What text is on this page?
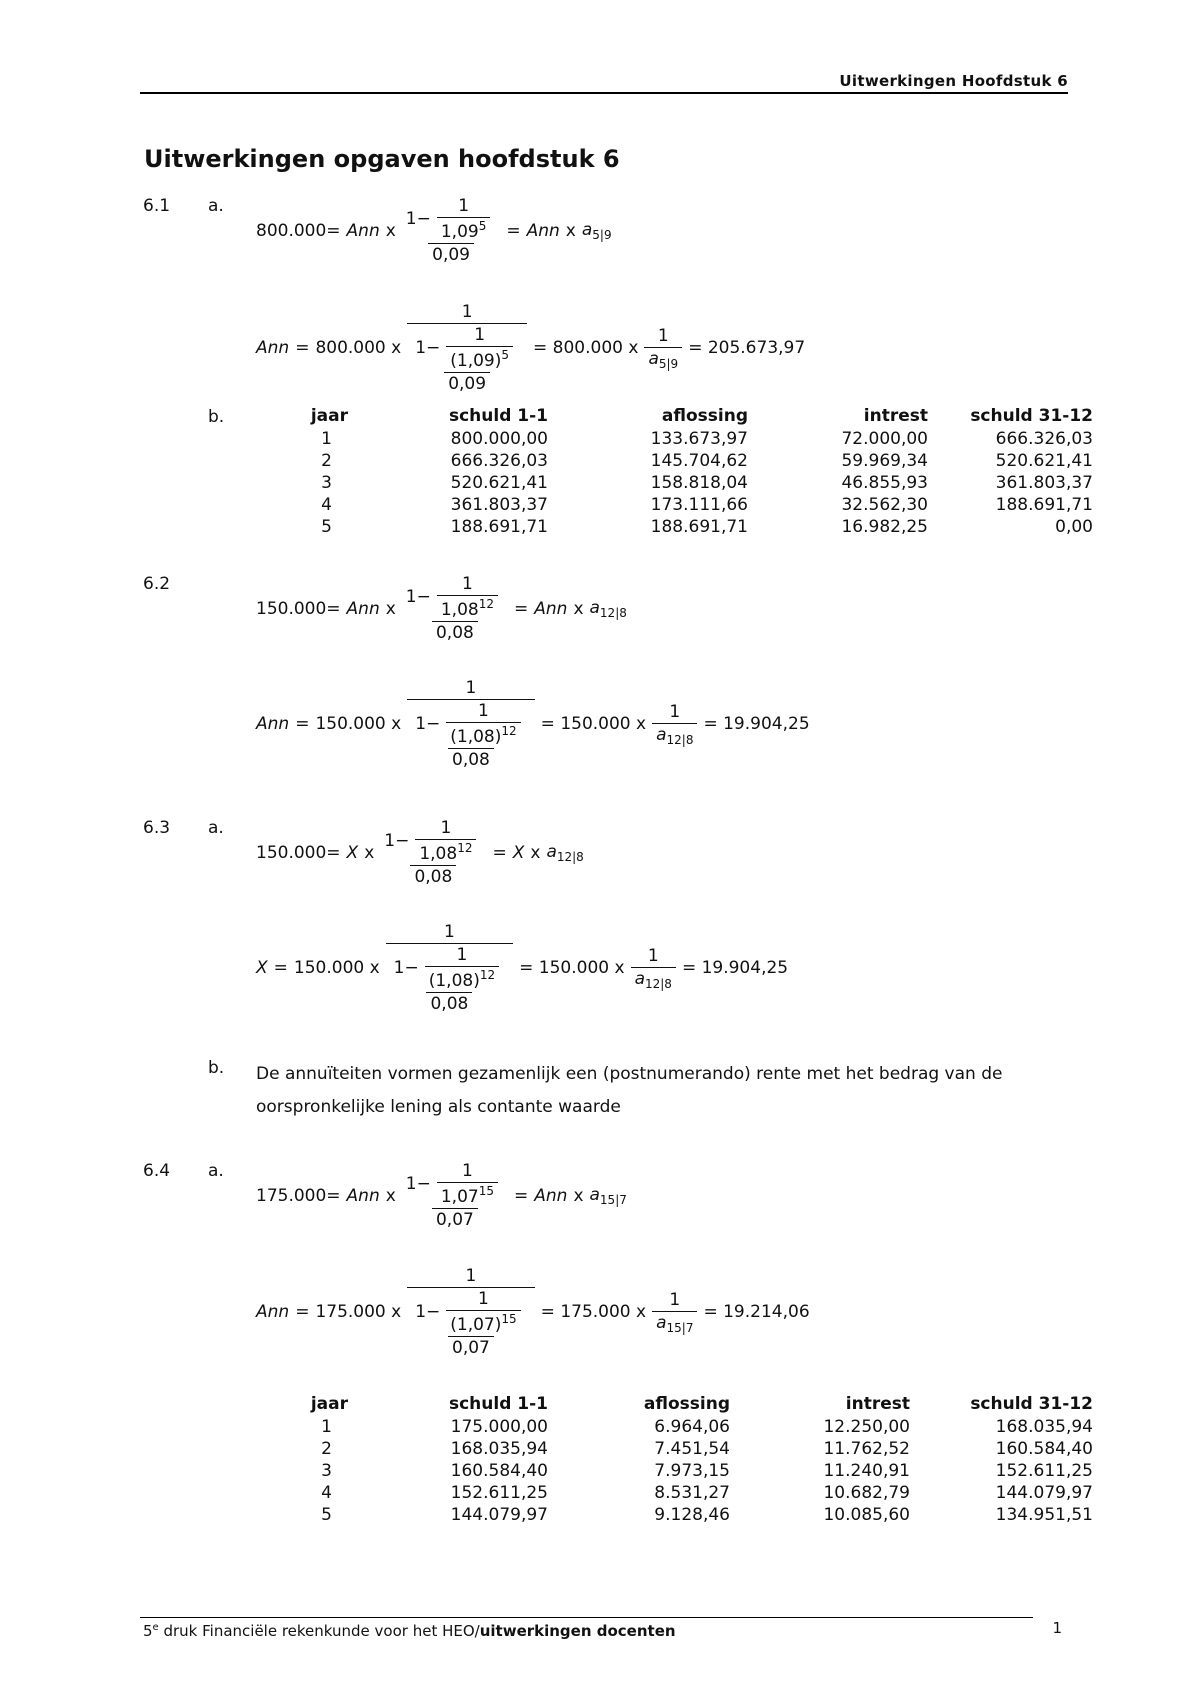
Uitwerkingen Hoofdstuk 6
Uitwerkingen opgaven hoofdstuk 6
6.1	a.
800.000= Ann x $\frac{1- \frac{1}{1,09^5}}{0,09}$ = Ann x $a_{5|9}$
Ann = 800.000 x
1
$\frac{1- \frac{1}{(1,09)^5}}{0,09} = 800.000$ x $\frac{1}{a_{5|9}} = 205.673,97$
b.	jaar	schuld 1-1	aflossing	intrest	schuld 31-12
1	800.000,00	133.673,97	72.000,00	666.326,03
2	666.326,03	145.704,62	59.969,34	520.621,41
3	520.621,41	158.818,04	46.855,93	361.803,37
4	361.803,37	173.111,66	32.562,30	188.691,71
5	188.691,71	188.691,71	16.982,25	0,00
6.2
150.000= Ann x $\frac{1- \frac{1}{1,08^{12}}}{0,08}$ = Ann x $a_{12|8}$
Ann = 150.000 x
1
$\frac{1- \frac{1}{(1,08)^{12}}}{0,08} = 150.000$ x $\frac{1}{a_{12|8}} = 19.904,25$
6.3	a.
150.000= X x $\frac{1- \frac{1}{1,08^{12}}}{0,08} = X$ x $a_{12|8}$
X = 150.000 x
1
$\frac{1- \frac{1}{(1,08)^{12}}}{0,08} = 150.000$ x $\frac{1}{a_{12|8}} = 19.904,25$
b.	De annuïteiten vormen gezamenlijk een (postnumerando) rente met het bedrag van de
oorspronkelijke lening als contante waarde
6.4	a.
175.000= Ann x $\frac{1- \frac{1}{1,07^{15}}}{0,07}$ = Ann x $a_{15|7}$
Ann = 175.000 x
1
$\frac{1- \frac{1}{(1,07)^{15}}}{0,07} = 175.000$ x $\frac{1}{a_{15|7}} = 19.214,06$
jaar	schuld 1-1	aflossing	intrest	schuld 31-12
1	175.000,00	6.964,06	12.250,00	168.035,94
2	168.035,94	7.451,54	11.762,52	160.584,40
3	160.584,40	7.973,15	11.240,91	152.611,25
4	152.611,25	8.531,27	10.682,79	144.079,97
5	144.079,97	9.128,46	10.085,60	134.951,51
5e druk Financiële rekenkunde voor het HEO/uitwerkingen docenten	1
